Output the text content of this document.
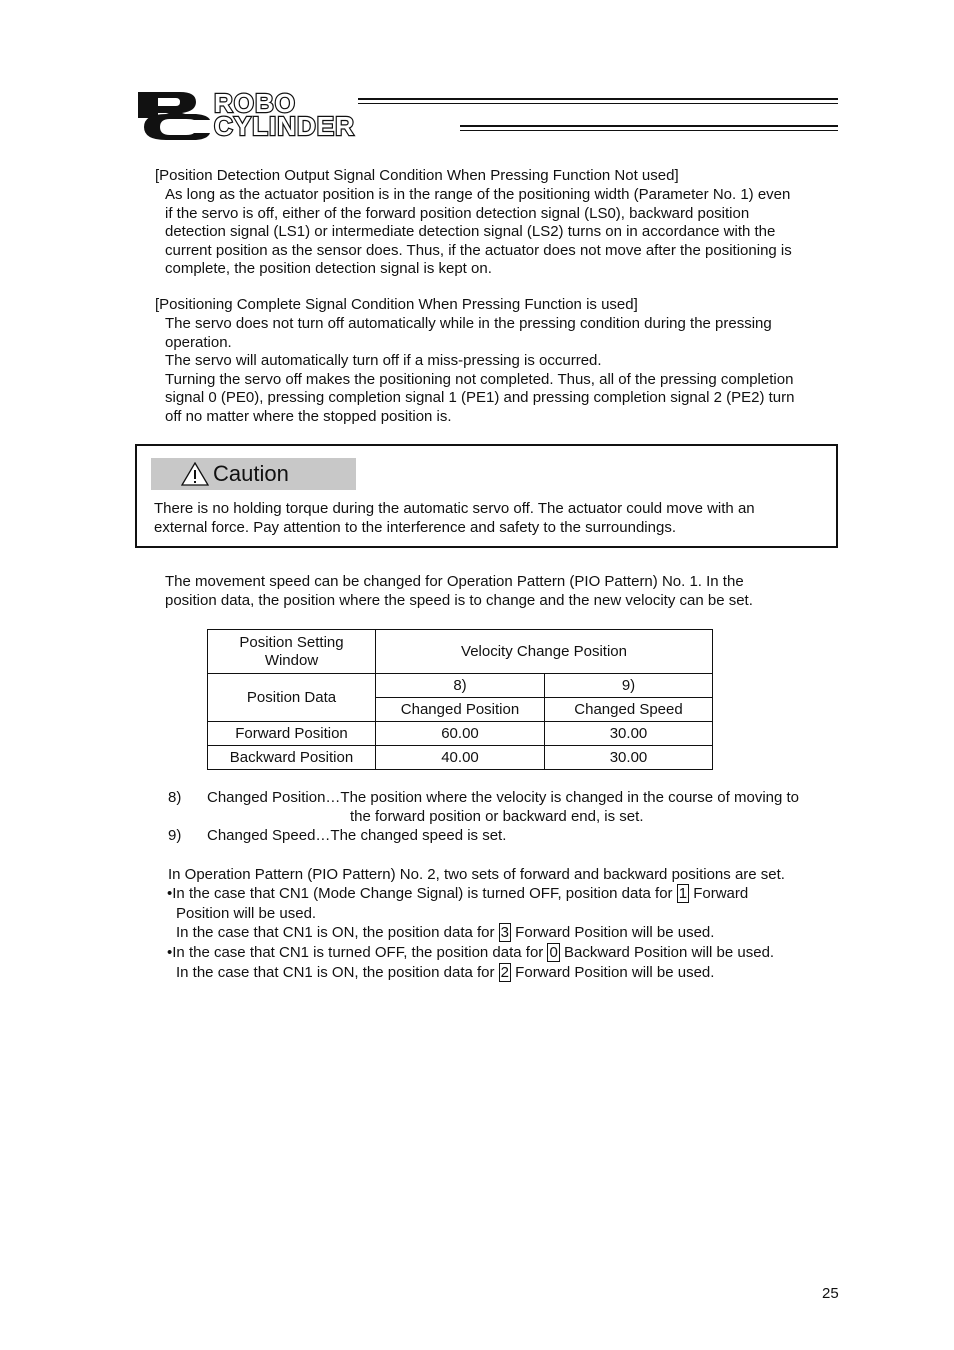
ROBO
CYLINDER
[Position Detection Output Signal Condition When Pressing Function Not used]
As long as the actuator position is in the range of the positioning width (Parameter No. 1) even
if the servo is off, either of the forward position detection signal (LS0), backward position
detection signal (LS1) or intermediate detection signal (LS2) turns on in accordance with the
current position as the sensor does. Thus, if the actuator does not move after the positioning is
complete, the position detection signal is kept on.
[Positioning Complete Signal Condition When Pressing Function is used]
The servo does not turn off automatically while in the pressing condition during the pressing
operation.
The servo will automatically turn off if a miss-pressing is occurred.
Turning the servo off makes the positioning not completed. Thus, all of the pressing completion
signal 0 (PE0), pressing completion signal 1 (PE1) and pressing completion signal 2 (PE2) turn
off no matter where the stopped position is.
Caution
There is no holding torque during the automatic servo off. The actuator could move with an
external force. Pay attention to the interference and safety to the surroundings.
The movement speed can be changed for Operation Pattern (PIO Pattern) No. 1. In the
position data, the position where the speed is to change and the new velocity can be set.
Position Setting
Window	Velocity Change Position	
Position Data	8)	9)
	Changed Position	Changed Speed
Forward Position	60.00	30.00
Backward Position	40.00	30.00
8) Changed Position…The position where the velocity is changed in the course of moving to
the forward position or backward end, is set.
9) Changed Speed…The changed speed is set.
In Operation Pattern (PIO Pattern) No. 2, two sets of forward and backward positions are set.
•In the case that CN1 (Mode Change Signal) is turned OFF, position data for 1 Forward
Position will be used.
In the case that CN1 is ON, the position data for 3 Forward Position will be used.
•In the case that CN1 is turned OFF, the position data for 0 Backward Position will be used.
In the case that CN1 is ON, the position data for 2 Forward Position will be used.
25
